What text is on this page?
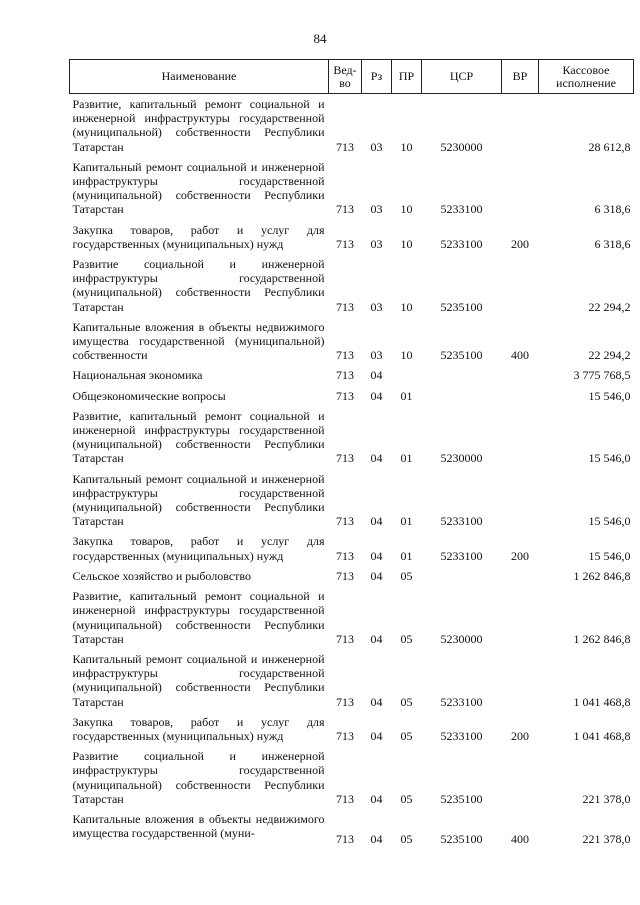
84
Наименование	Вед-во	Рз	ПР	ЦСР	ВР	Кассовое исполнение
Развитие, капитальный ремонт социальной и инженерной инфраструктуры государственной (муниципальной) собственности Республики Татарстан	713	03	10	5230000		28 612,8
Капитальный ремонт социальной и инженерной инфраструктуры государственной (муниципальной) собственности Республики Татарстан	713	03	10	5233100		6 318,6
Закупка товаров, работ и услуг для государственных (муниципальных) нужд	713	03	10	5233100	200	6 318,6
Развитие социальной и инженерной инфраструктуры государственной (муниципальной) собственности Республики Татарстан	713	03	10	5235100		22 294,2
Капитальные вложения в объекты недвижимого имущества государственной (муниципальной) собственности	713	03	10	5235100	400	22 294,2
Национальная экономика	713	04				3 775 768,5
Общеэкономические вопросы	713	04	01			15 546,0
Развитие, капитальный ремонт социальной и инженерной инфраструктуры государственной (муниципальной) собственности Республики Татарстан	713	04	01	5230000		15 546,0
Капитальный ремонт социальной и инженерной инфраструктуры государственной (муниципальной) собственности Республики Татарстан	713	04	01	5233100		15 546,0
Закупка товаров, работ и услуг для государственных (муниципальных) нужд	713	04	01	5233100	200	15 546,0
Сельское хозяйство и рыболовство	713	04	05			1 262 846,8
Развитие, капитальный ремонт социальной и инженерной инфраструктуры государственной (муниципальной) собственности Республики Татарстан	713	04	05	5230000		1 262 846,8
Капитальный ремонт социальной и инженерной инфраструктуры государственной (муниципальной) собственности Республики Татарстан	713	04	05	5233100		1 041 468,8
Закупка товаров, работ и услуг для государственных (муниципальных) нужд	713	04	05	5233100	200	1 041 468,8
Развитие социальной и инженерной инфраструктуры государственной (муниципальной) собственности Республики Татарстан	713	04	05	5235100		221 378,0
Капитальные вложения в объекты недвижимого имущества государственной (муни-	713	04	05	5235100	400	221 378,0
